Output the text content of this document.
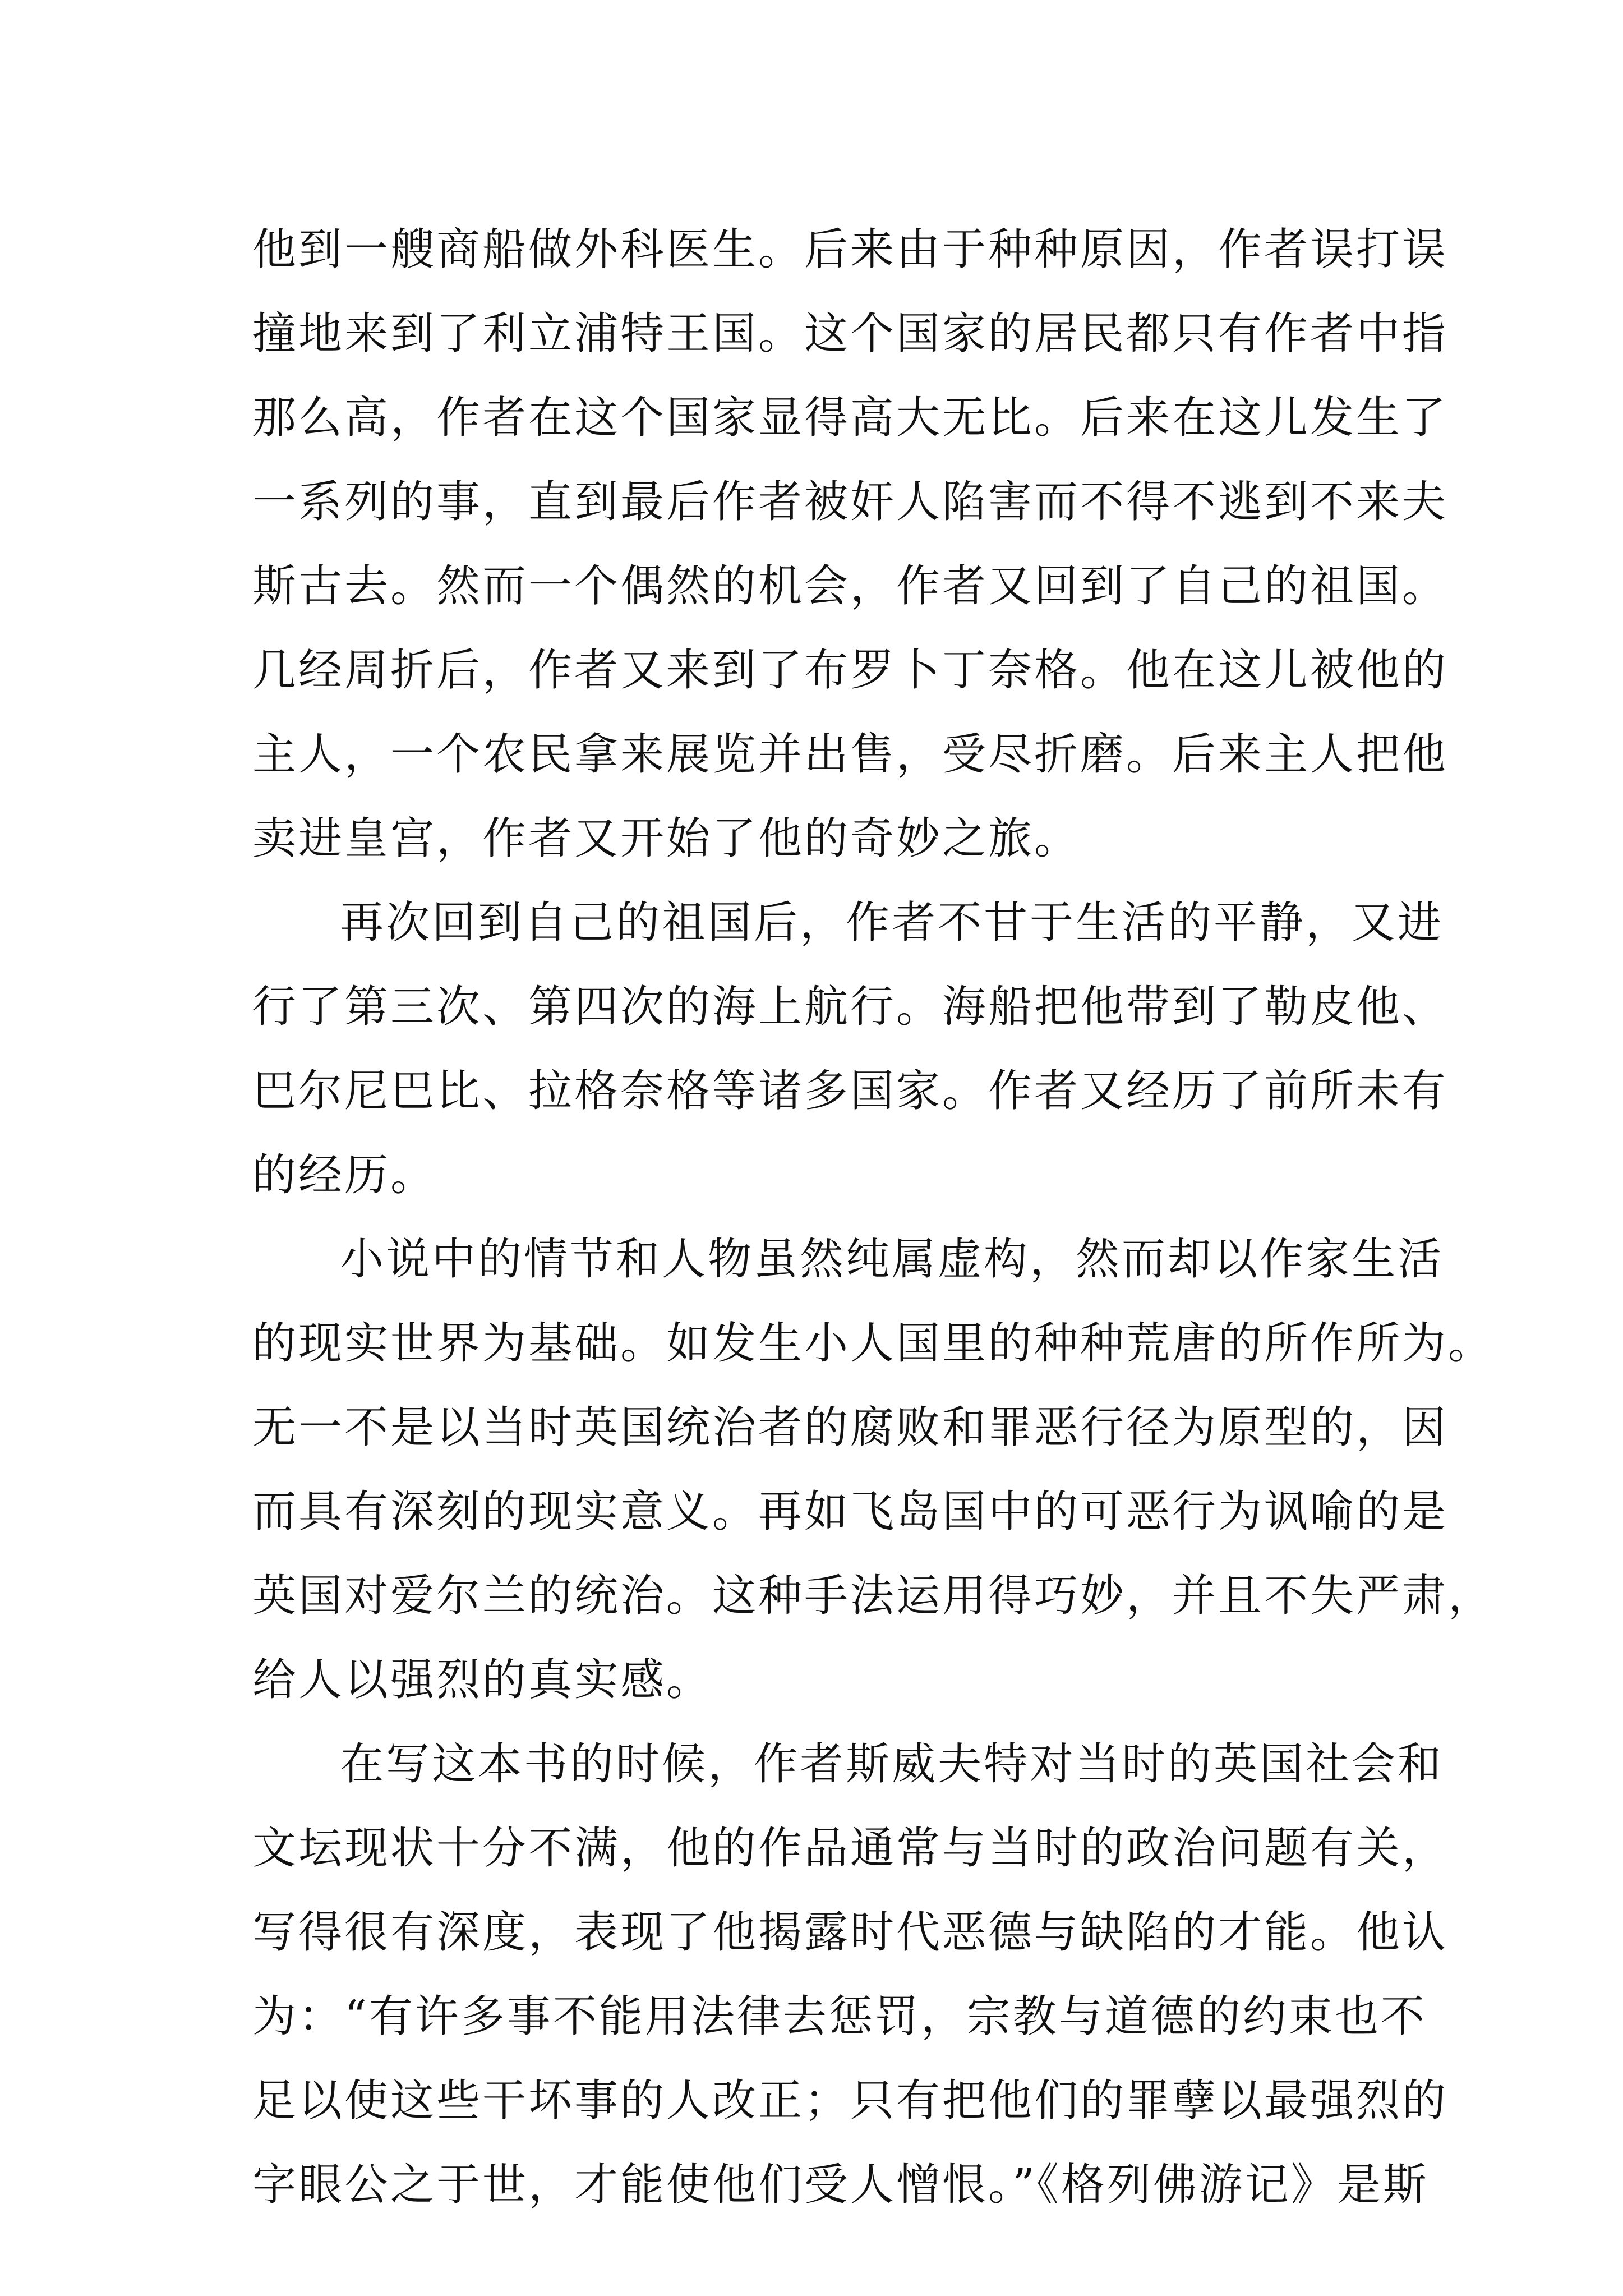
他到一艘商船做外科医生。后来由于种种原因，作者误打误
撞地来到了利立浦特王国。这个国家的居民都只有作者中指
那么高，作者在这个国家显得高大无比。后来在这儿发生了
一系列的事，直到最后作者被奸人陷害而不得不逃到不来夫
斯古去。然而一个偶然的机会，作者又回到了自己的祖国。
几经周折后，作者又来到了布罗卜丁奈格。他在这儿被他的
主人，一个农民拿来展览并出售，受尽折磨。后来主人把他
卖进皇宫，作者又开始了他的奇妙之旅。
再次回到自己的祖国后，作者不甘于生活的平静，又进
行了第三次、第四次的海上航行。海船把他带到了勒皮他、
巴尔尼巴比、拉格奈格等诸多国家。作者又经历了前所未有
的经历。
小说中的情节和人物虽然纯属虚构，然而却以作家生活
的现实世界为基础。如发生小人国里的种种荒唐的所作所为。
无一不是以当时英国统治者的腐败和罪恶行径为原型的，因
而具有深刻的现实意义。再如飞岛国中的可恶行为讽喻的是
英国对爱尔兰的统治。这种手法运用得巧妙，并且不失严肃，
给人以强烈的真实感。
在写这本书的时候，作者斯威夫特对当时的英国社会和
文坛现状十分不满，他的作品通常与当时的政治问题有关，
写得很有深度，表现了他揭露时代恶德与缺陷的才能。他认
为：“有许多事不能用法律去惩罚，宗教与道德的约束也不
足以使这些干坏事的人改正；只有把他们的罪孽以最强烈的
字眼公之于世，才能使他们受人憎恨。”《格列佛游记》是斯
